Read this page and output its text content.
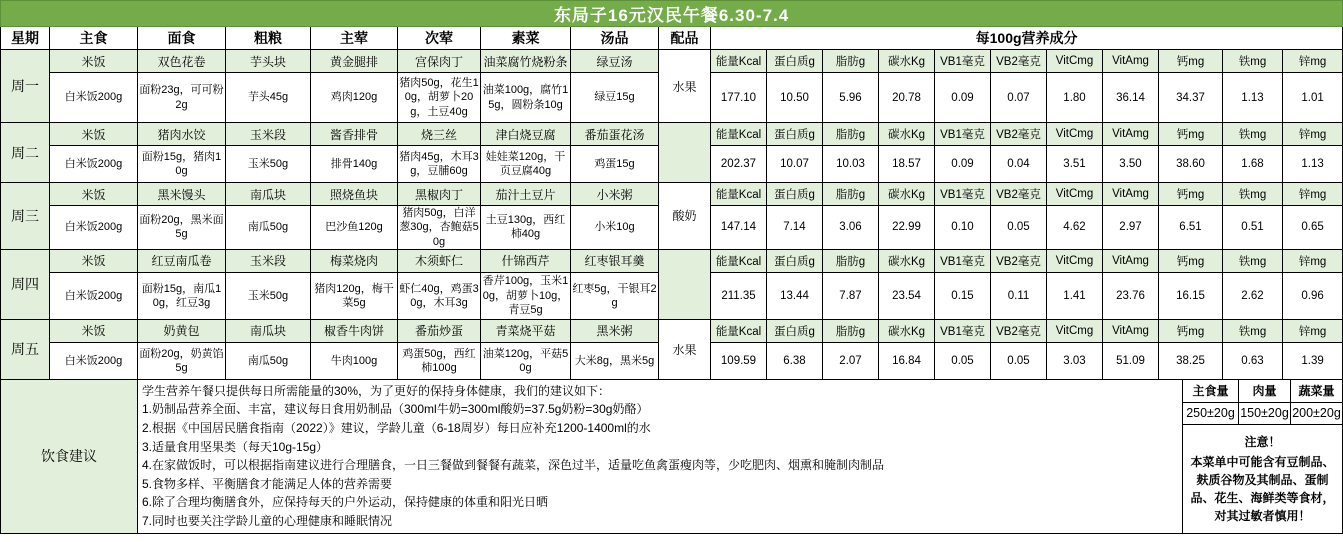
东局子16元汉民午餐6.30-7.4																			
星期	主食	面食	粗粮	主荤	次荤	素菜	汤品	配品	每100g营养成分										
周一	米饭	双色花卷	芋头块	黄金腿排	宫保肉丁	油菜腐竹烧粉条	绿豆汤	水果	能量Kcal	蛋白质g	脂肪g	碳水Kg	VB1毫克	VB2毫克	VitCmg	VitAmg	钙mg	铁mg	锌mg
	白米饭200g	面粉23g，可可粉2g	芋头45g	鸡肉120g	猪肉50g，花生10g，胡萝卜20g，土豆40g	油菜100g，腐竹15g，圆粉条10g	绿豆15g		177.10	10.50	5.96	20.78	0.09	0.07	1.80	36.14	34.37	1.13	1.01
周二	米饭	猪肉水饺	玉米段	酱香排骨	烧三丝	津白烧豆腐	番茄蛋花汤		能量Kcal	蛋白质g	脂肪g	碳水Kg	VB1毫克	VB2毫克	VitCmg	VitAmg	钙mg	铁mg	锌mg
	白米饭200g	面粉15g，猪肉10g	玉米50g	排骨140g	猪肉45g，木耳3g，豆脯60g	娃娃菜120g，干页豆腐40g	鸡蛋15g		202.37	10.07	10.03	18.57	0.09	0.04	3.51	3.50	38.60	1.68	1.13
周三	米饭	黑米馒头	南瓜块	照烧鱼块	黑椒肉丁	茄汁土豆片	小米粥	酸奶	能量Kcal	蛋白质g	脂肪g	碳水Kg	VB1毫克	VB2毫克	VitCmg	VitAmg	钙mg	铁mg	锌mg
	白米饭200g	面粉20g，黑米面5g	南瓜50g	巴沙鱼120g	猪肉50g，白洋葱30g，杏鲍菇50g	土豆130g，西红柿40g	小米10g		147.14	7.14	3.06	22.99	0.10	0.05	4.62	2.97	6.51	0.51	0.65
周四	米饭	红豆南瓜卷	玉米段	梅菜烧肉	木须虾仁	什锦西芹	红枣银耳羹		能量Kcal	蛋白质g	脂肪g	碳水Kg	VB1毫克	VB2毫克	VitCmg	VitAmg	钙mg	铁mg	锌mg
	白米饭200g	面粉15g，南瓜10g，红豆3g	玉米50g	猪肉120g，梅干菜5g	虾仁40g，鸡蛋30g，木耳3g	香芹100g，玉米10g，胡萝卜10g，青豆5g	红枣5g，干银耳2g		211.35	13.44	7.87	23.54	0.15	0.11	1.41	23.76	16.15	2.62	0.96
周五	米饭	奶黄包	南瓜块	椒香牛肉饼	番茄炒蛋	青菜烧平菇	黑米粥	水果	能量Kcal	蛋白质g	脂肪g	碳水Kg	VB1毫克	VB2毫克	VitCmg	VitAmg	钙mg	铁mg	锌mg
	白米饭200g	面粉20g，奶黄馅5g	南瓜50g	牛肉100g	鸡蛋50g，西红柿100g	油菜120g，平菇50g	大米8g，黑米5g		109.59	6.38	2.07	16.84	0.05	0.05	3.03	51.09	38.25	0.63	1.39
饮食建议	
学生营养午餐只提供每日所需能量的30%，为了更好的保持身体健康，我们的建议如下：
1.奶制品营养全面、丰富，建议每日食用奶制品（300ml牛奶=300ml酸奶=37.5g奶粉=30g奶酪）
2.根据《中国居民膳食指南（2022）》建议，学龄儿童（6-18周岁）每日应补充1200-1400ml的水
3.适量食用坚果类（每天10g-15g）
4.在家做饭时，可以根据指南建议进行合理膳食，一日三餐做到餐餐有蔬菜，深色过半，适量吃鱼禽蛋瘦肉等，少吃肥肉、烟熏和腌制肉制品
5.食物多样、平衡膳食才能满足人体的营养需要
6.除了合理均衡膳食外，应保持每天的户外运动，保持健康的体重和阳光日晒
7.同时也要关注学龄儿童的心理健康和睡眠情况
	主食量	肉量	蔬菜量
		250±20g	150±20g	200±20g

		注意！
本菜单中可能含有豆制品、麸质谷物及其制品、蛋制品、花生、海鲜类等食材，对其过敏者慎用！		
